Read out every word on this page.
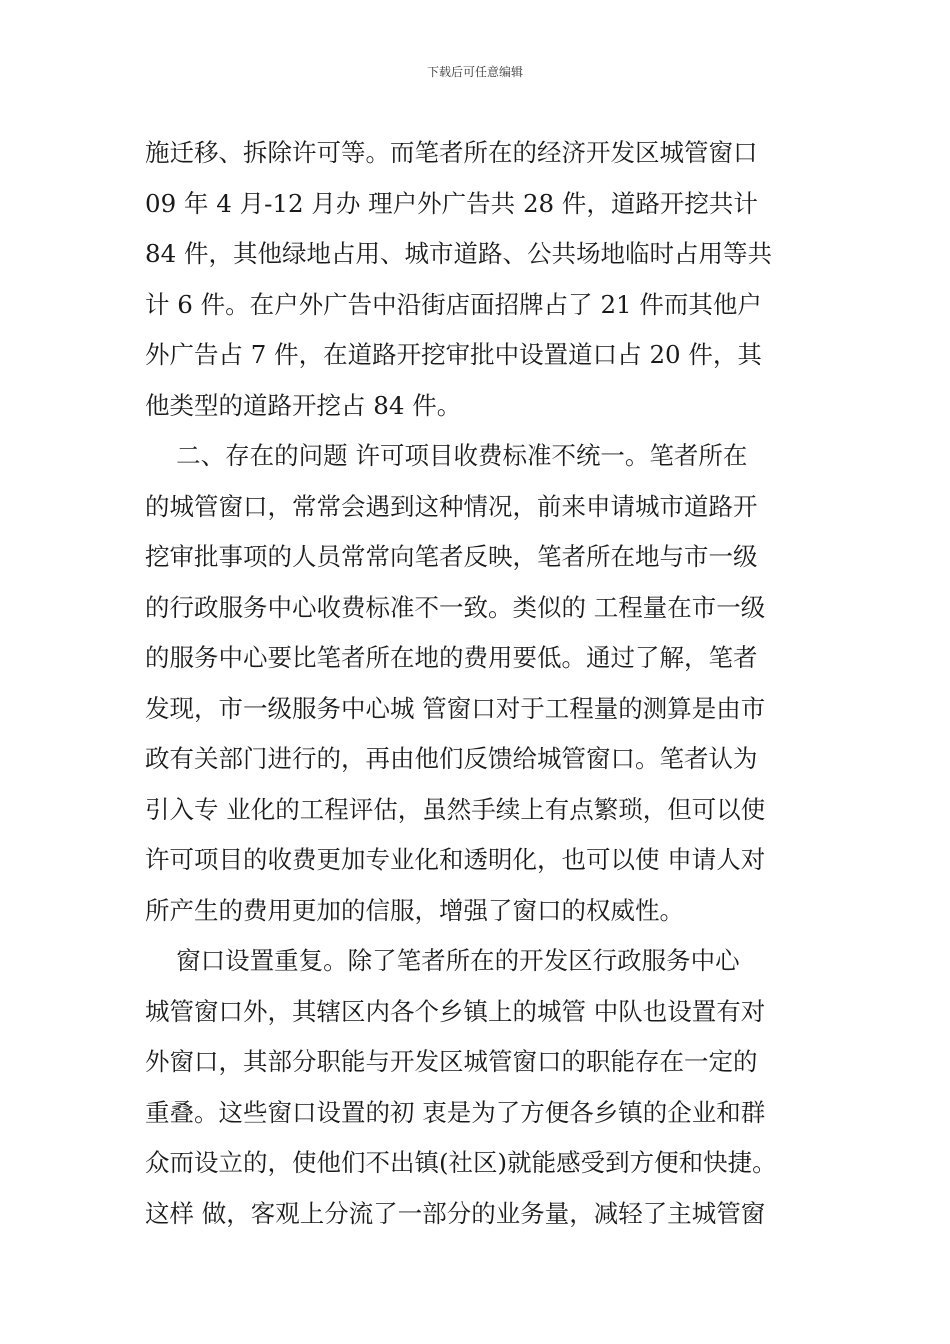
下载后可任意编辑
施迁移、拆除许可等。而笔者所在的经济开发区城管窗口
09 年 4 月-12 月办 理户外广告共 28 件，道路开挖共计
84 件，其他绿地占用、城市道路、公共场地临时占用等共
计 6 件。在户外广告中沿街店面招牌占了 21 件而其他户
外广告占 7 件，在道路开挖审批中设置道口占 20 件，其
他类型的道路开挖占 84 件。
二、存在的问题 许可项目收费标准不统一。笔者所在
的城管窗口，常常会遇到这种情况，前来申请城市道路开
挖审批事项的人员常常向笔者反映，笔者所在地与市一级
的行政服务中心收费标准不一致。类似的 工程量在市一级
的服务中心要比笔者所在地的费用要低。通过了解，笔者
发现，市一级服务中心城 管窗口对于工程量的测算是由市
政有关部门进行的，再由他们反馈给城管窗口。笔者认为
引入专 业化的工程评估，虽然手续上有点繁琐，但可以使
许可项目的收费更加专业化和透明化，也可以使 申请人对
所产生的费用更加的信服，增强了窗口的权威性。
窗口设置重复。除了笔者所在的开发区行政服务中心
城管窗口外，其辖区内各个乡镇上的城管 中队也设置有对
外窗口，其部分职能与开发区城管窗口的职能存在一定的
重叠。这些窗口设置的初 衷是为了方便各乡镇的企业和群
众而设立的，使他们不出镇(社区)就能感受到方便和快捷。
这样 做，客观上分流了一部分的业务量，减轻了主城管窗
